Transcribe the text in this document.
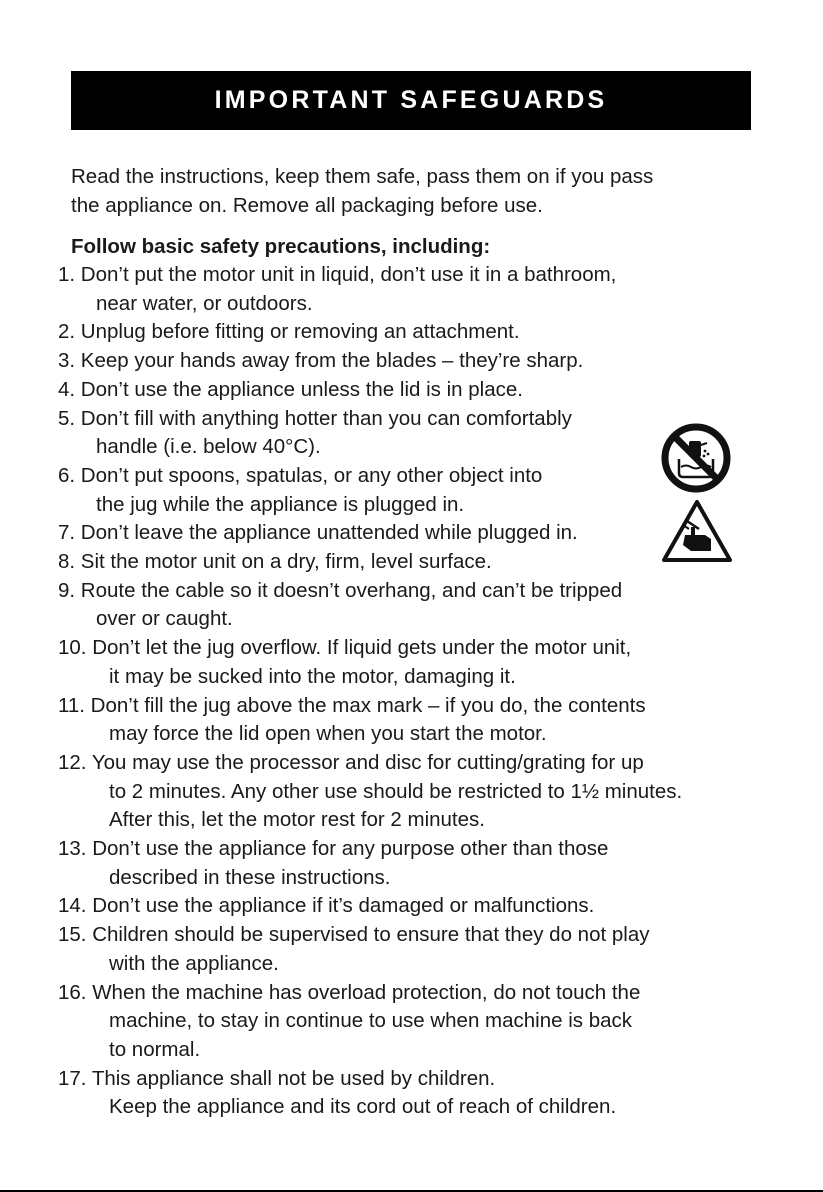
IMPORTANT SAFEGUARDS
Read the instructions, keep them safe, pass them on if you pass
the appliance on. Remove all packaging before use.
Follow basic safety precautions, including:
1. Don’t put the motor unit in liquid, don’t use it in a bathroom,
near water, or outdoors.
2. Unplug before fitting or removing an attachment.
3. Keep your hands away from the blades – they’re sharp.
4. Don’t use the appliance unless the lid is in place.
5. Don’t fill with anything hotter than you can comfortably
handle (i.e. below 40°C).
6. Don’t put spoons, spatulas, or any other object into
the jug while the appliance is plugged in.
7. Don’t leave the appliance unattended while plugged in.
8. Sit the motor unit on a dry, firm, level surface.
9. Route the cable so it doesn’t overhang, and can’t be tripped
over or caught.
10. Don’t let the jug overflow. If liquid gets under the motor unit,
it may be sucked into the motor, damaging it.
11. Don’t fill the jug above the max mark – if you do, the contents
may force the lid open when you start the motor.
12. You may use the processor and disc for cutting/grating for up
to 2 minutes. Any other use should be restricted to 1½ minutes.
After this, let the motor rest for 2 minutes.
13. Don’t use the appliance for any purpose other than those
described in these instructions.
14. Don’t use the appliance if it’s damaged or malfunctions.
15. Children should be supervised to ensure that they do not play
with the appliance.
16. When the machine has overload protection, do not touch the
machine, to stay in continue to use when machine is back
to normal.
17. This appliance shall not be used by children.
Keep the appliance and its cord out of reach of children.
